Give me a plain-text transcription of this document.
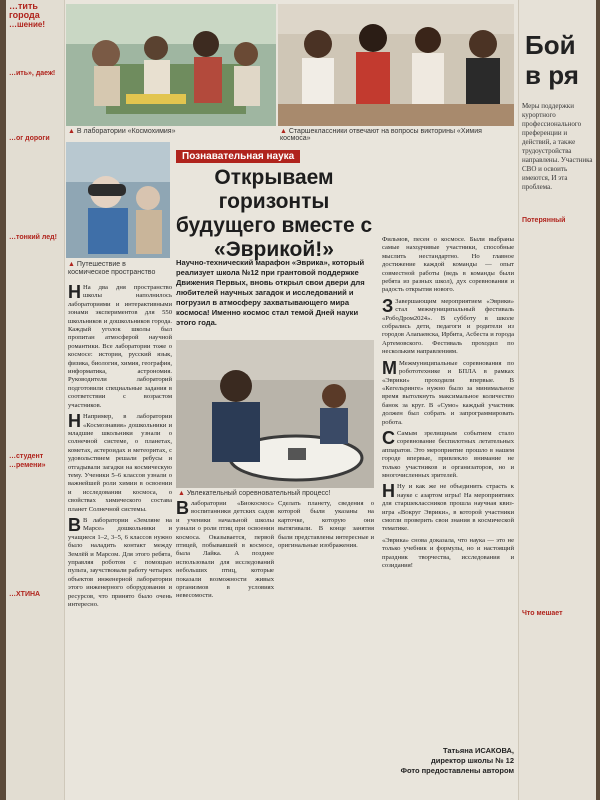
…тить города
…шение!
…ить», даеж!
…ог дороги
…тонкий лед!
…студент
…ремени»
…ХТИНА
▲ В лаборатории «Космохимия»	▲ Старшеклассники отвечают на вопросы викторины «Химия космоса»
▲ Путешествие в космическое пространство
Познавательная наука
Открываем горизонты будущего вместе с «Эврикой!»
Научно-технический марафон «Эврика», который реализует школа №12 при грантовой поддержке Движения Первых, вновь открыл свои двери для любителей научных загадок и исследований и погрузил в атмосферу захватывающего мира космоса! Именно космос стал темой Дней науки этого года.

Н На два дня пространство школы наполнилось лабораториями и интерактивными зонами экспериментов для 550 школьников и дошкольников города. Каждый уголок школы был пропитан атмосферой научной романтики. Все лаборатории тоже о космосе: история, русский язык, физика, биология, химия, география, информатика, астрономия. Руководители лабораторий подготовили специальные задания в соответствии с возрастом участников.

Н Например, в лаборатории «Космознавия» дошкольники и младшие школьники узнали о солнечной системе, о планетах, кометах, астероидах и метеоритах, с удовольствием решали ребусы и отгадывали загадки на космическую тему. Ученики 5–6 классов узнали о важнейшей роли химии в освоении и исследовании космоса, о свойствах химического состава планет Солнечной системы.

В В лаборатории «Земляне на Марсе» дошкольники и учащиеся 1–2, 3–5, 6 классов нужно было наладить контакт между Землёй и Марсом. Для этого ребята, управляя роботом с помощью пульта, заучствовали работу четырех объектов инженерной лаборатории этого инженерного оборудования и ресурсов, что принято было очень интересно.

▲ Увлекательный соревновательный процесс!

Сделать планету, сведения о которой были указаны на карточке, которую они вытягивали. В конце занятия были представлены интересные и оригинальные изображения.

Влаборатории «Биокосмос» воспитанники детских садов и ученики начальной школы узнали о роли птиц при освоении космоса. Оказывается, первой птицей, побывавшей в космосе, была Лайка. А позднее использовали для исследований небольших птиц, которые показали возможности живых организмов в условиях невесомости.

Фильмов, песен о космосе. Были выбраны самые находчивые участники, способные мыслить нестандартно. Но главное достижение каждой команды — опыт совместной работы (ведь в команды были ребята из разных школ), дух соревнования и радость открытия нового.

З Завершающим мероприятием «Эврики» стал межмуниципальный фестиваль «РобоДром2024». В субботу в школе собрались дети, педагоги и родители из городов Алапаевска, Ирбита, Асбеста и города Артемовского. Фестиваль проходил по нескольким направлениям.

М Межмуниципальные соревнования по робототехнике и БПЛА в рамках «Эврики» проходили впервые. В «Кегельринге» нужно было за минимальное время вытолкнуть максимальное количество банок за круг. В «Сумо» каждый участник должен был собрать и запрограммировать робота.

С Самым зрелищным событием стало соревнование беспилотных летательных аппаратов. Это мероприятие прошло в нашем городе впервые, привлекло внимание не только участников и организаторов, но и многочисленных зрителей.

Н Ну и как же не объединить страсть к науке с азартом игры! На мероприятиях для старшеклассников прошла научная квиз-игра «Вокруг Эврики», в которой участники смогли проверить свои знания в космической тематике.

«Эврика» снова доказала, что наука — это не только учебник и формулы, но и настоящий праздник творчества, исследования и созидания!

Татьяна ИСАКОВА,
директор школы № 12
Фото предоставлены автором
Бой в ря
Меры поддержки курортного профессионального преференции и действий, а также трудоустройства направлены. Участника СВО и освоить имеются, И эта проблема.
Потерянный
Что мешает
